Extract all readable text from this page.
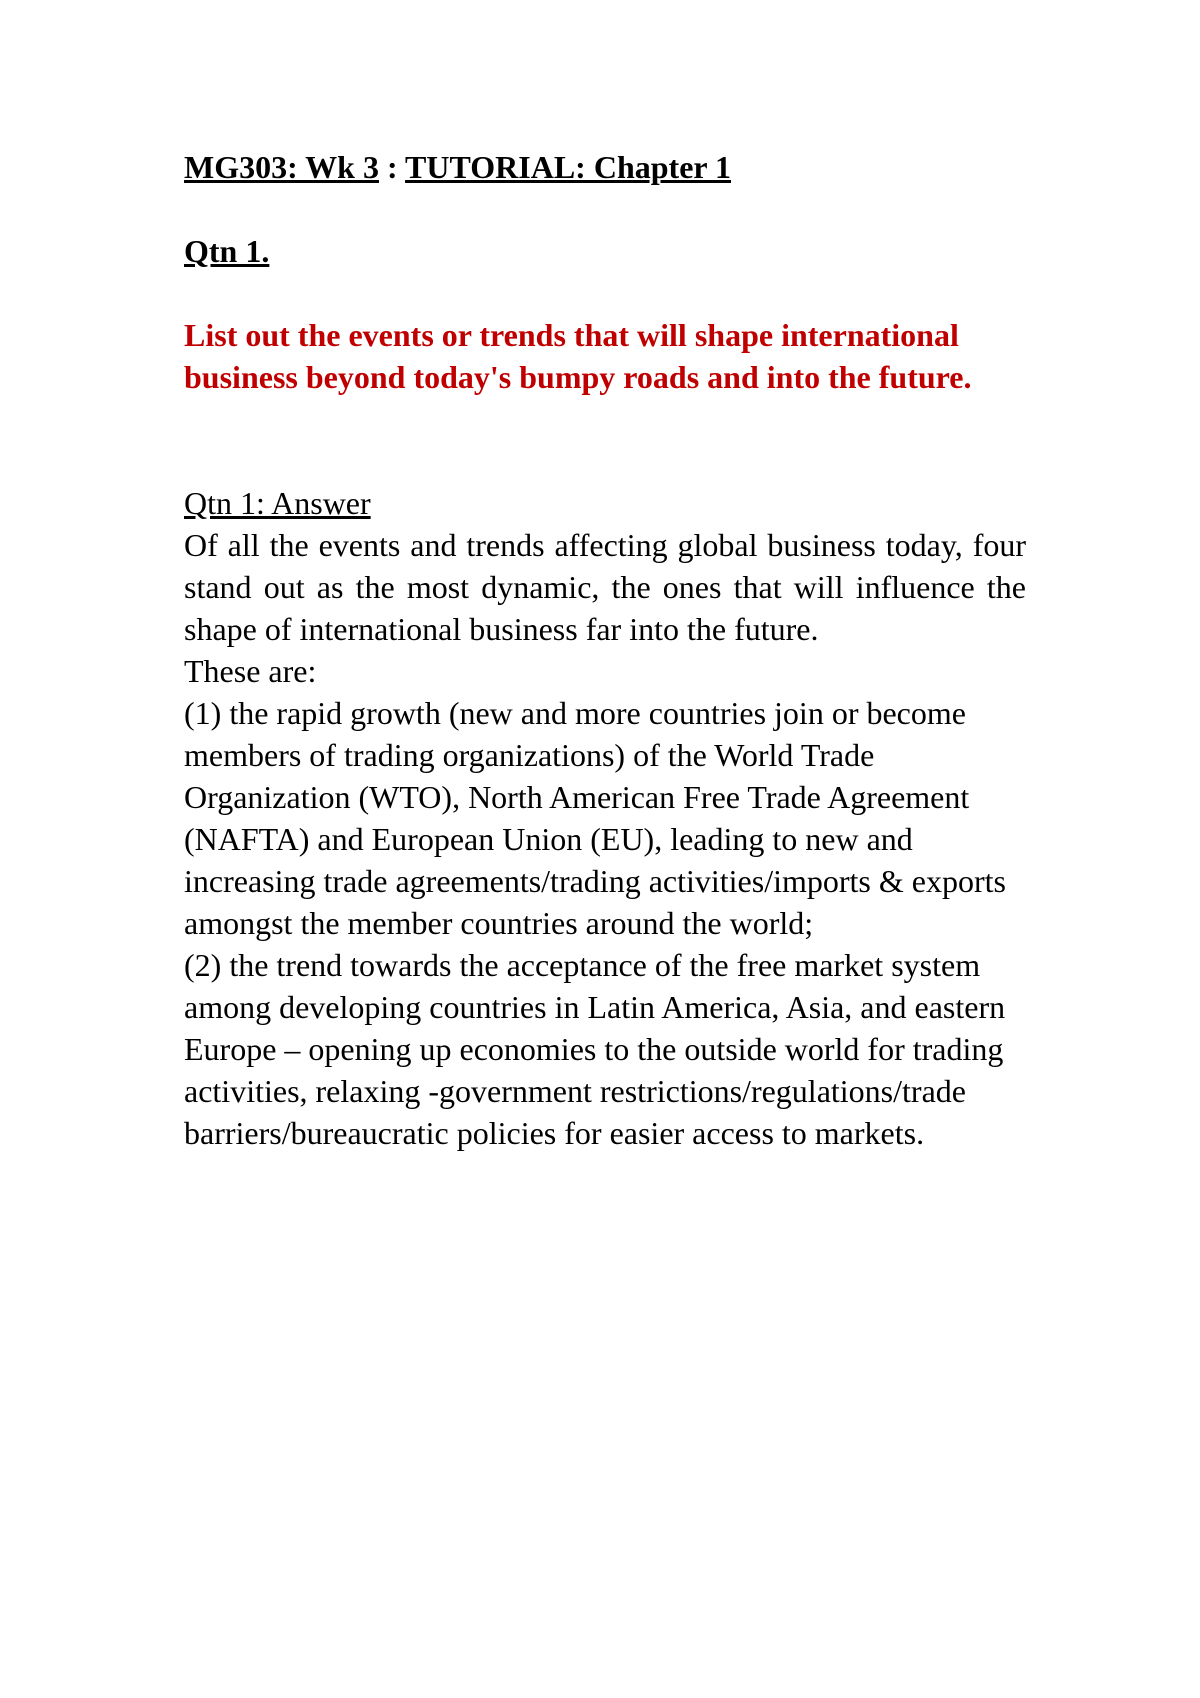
MG303: Wk 3 : TUTORIAL: Chapter 1

Qtn 1.

List out the events or trends that will shape international business beyond today's bumpy roads and into the future.

Qtn 1: Answer

Of all the events and trends affecting global business today, four stand out as the most dynamic, the ones that will influence the shape of international business far into the future.

These are:

(1) the rapid growth (new and more countries join or become members of trading organizations) of the World Trade Organization (WTO), North American Free Trade Agreement (NAFTA) and European Union (EU), leading to new and increasing trade agreements/trading activities/imports & exports amongst the member countries around the world;

(2) the trend towards the acceptance of the free market system among developing countries in Latin America, Asia, and eastern Europe – opening up economies to the outside world for trading activities, relaxing -government restrictions/regulations/trade barriers/bureaucratic policies for easier access to markets.
